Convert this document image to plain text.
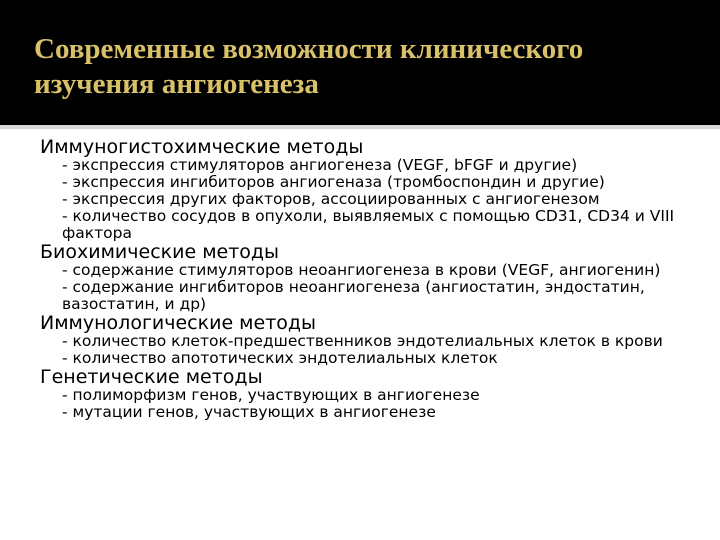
Современные возможности клинического
изучения ангиогенеза
Иммуногистохимческие методы
- экспрессия стимуляторов ангиогенеза (VEGF, bFGF и другие)
- экспрессия ингибиторов ангиогеназа (тромбоспондин и другие)
- экспрессия других факторов, ассоциированных с ангиогенезом
- количество сосудов в опухоли, выявляемых с помощью CD31, CD34 и VIII фактора
Биохимические методы
- содержание стимуляторов неоангиогенеза в крови (VEGF, ангиогенин)
- содержание ингибиторов неоангиогенеза (ангиостатин, эндостатин, вазостатин, и др)
Иммунологические методы
- количество клеток-предшественников эндотелиальных клеток в крови
- количество апототических эндотелиальных клеток
Генетические методы
- полиморфизм генов, участвующих в ангиогенезе
- мутации генов, участвующих в ангиогенезе
